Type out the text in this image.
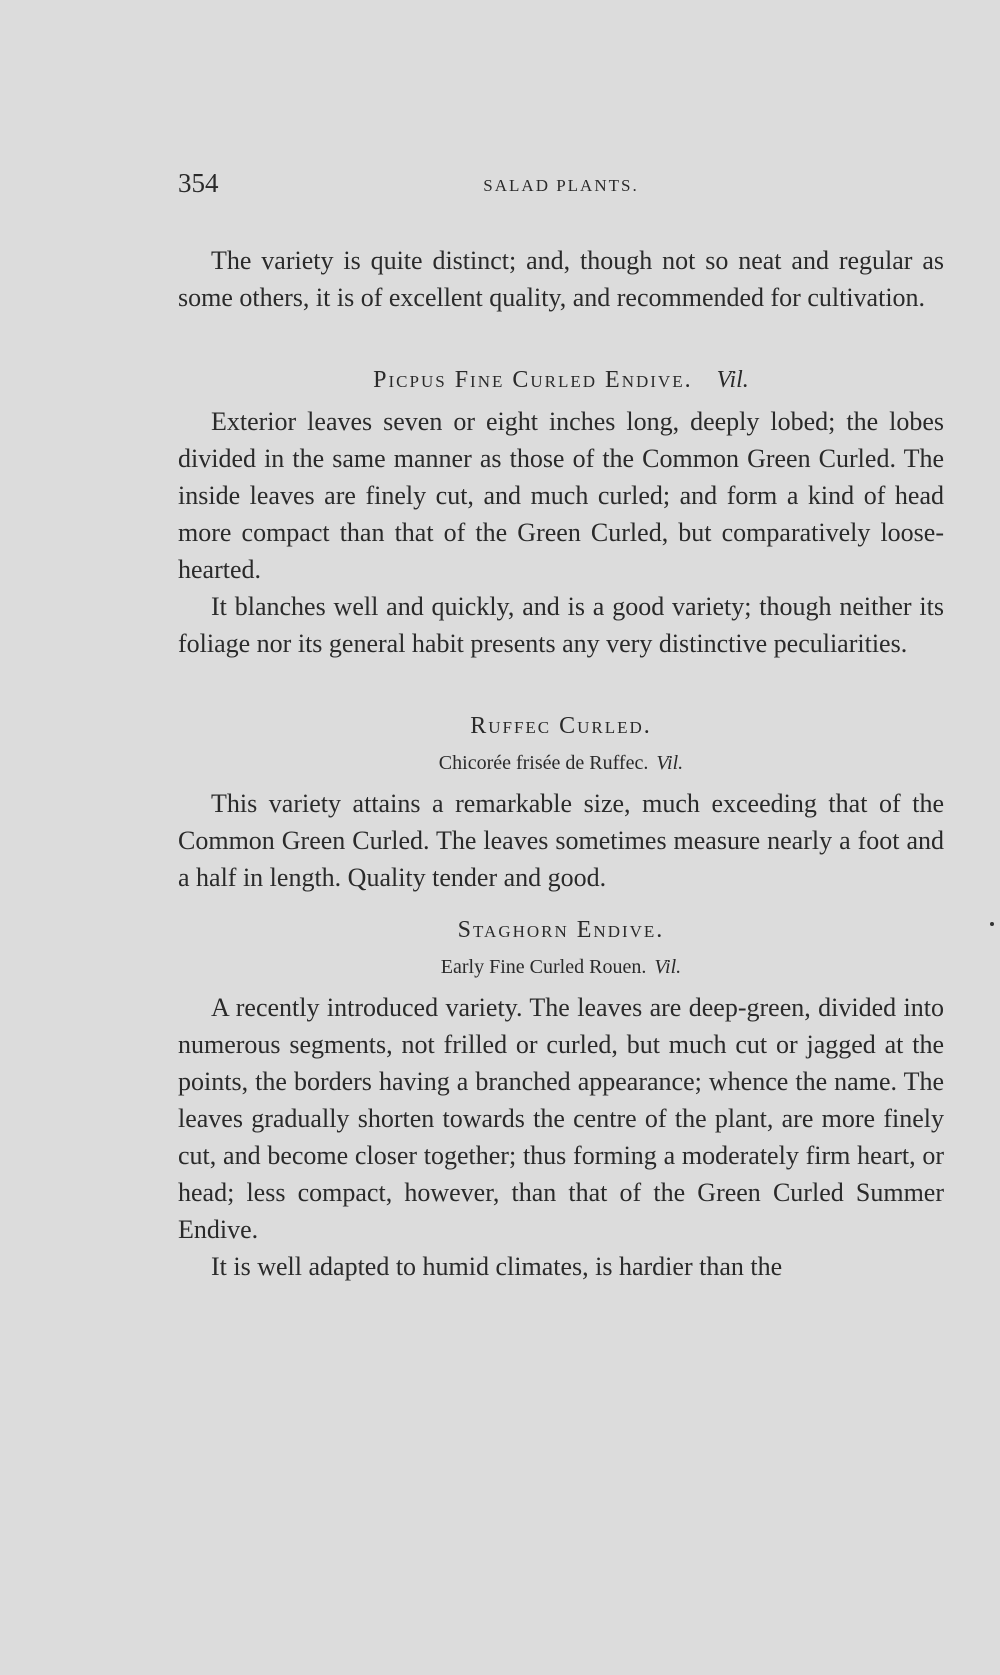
354	SALAD PLANTS.

The variety is quite distinct; and, though not so neat and regular as some others, it is of excellent quality, and recommended for cultivation.

Picpus Fine Curled Endive. Vil.

Exterior leaves seven or eight inches long, deeply lobed; the lobes divided in the same manner as those of the Common Green Curled. The inside leaves are finely cut, and much curled; and form a kind of head more compact than that of the Green Curled, but comparatively loose-hearted.

It blanches well and quickly, and is a good variety; though neither its foliage nor its general habit presents any very distinctive peculiarities.

Ruffec Curled.
Chicorée frisée de Ruffec. Vil.

This variety attains a remarkable size, much exceeding that of the Common Green Curled. The leaves sometimes measure nearly a foot and a half in length. Quality tender and good.

Staghorn Endive.
Early Fine Curled Rouen. Vil.

A recently introduced variety. The leaves are deep-green, divided into numerous segments, not frilled or curled, but much cut or jagged at the points, the borders having a branched appearance; whence the name. The leaves gradually shorten towards the centre of the plant, are more finely cut, and become closer together; thus forming a moderately firm heart, or head; less compact, however, than that of the Green Curled Summer Endive.

It is well adapted to humid climates, is hardier than the
